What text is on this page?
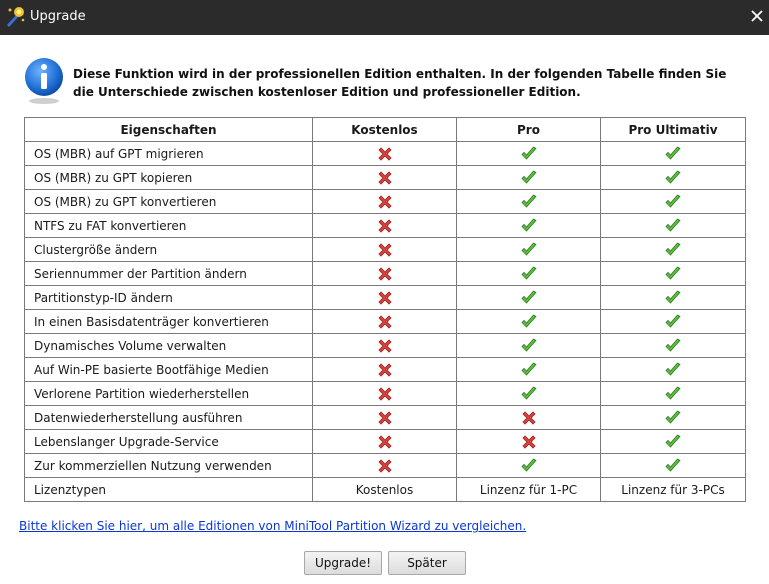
Upgrade
Diese Funktion wird in der professionellen Edition enthalten. In der folgenden Tabelle finden Sie die Unterschiede zwischen kostenloser Edition und professioneller Edition.
Eigenschaften	Kostenlos	Pro	Pro Ultimativ
OS (MBR) auf GPT migrieren			
OS (MBR) zu GPT kopieren			
OS (MBR) zu GPT konvertieren			
NTFS zu FAT konvertieren			
Clustergröße ändern			
Seriennummer der Partition ändern			
Partitionstyp-ID ändern			
In einen Basisdatenträger konvertieren			
Dynamisches Volume verwalten			
Auf Win-PE basierte Bootfähige Medien			
Verlorene Partition wiederherstellen			
Datenwiederherstellung ausführen			
Lebenslanger Upgrade-Service			
Zur kommerziellen Nutzung verwenden			
Lizenztypen	Kostenlos	Linzenz für 1-PC	Linzenz für 3-PCs
Bitte klicken Sie hier, um alle Editionen von MiniTool Partition Wizard zu vergleichen.
Upgrade!	Später
